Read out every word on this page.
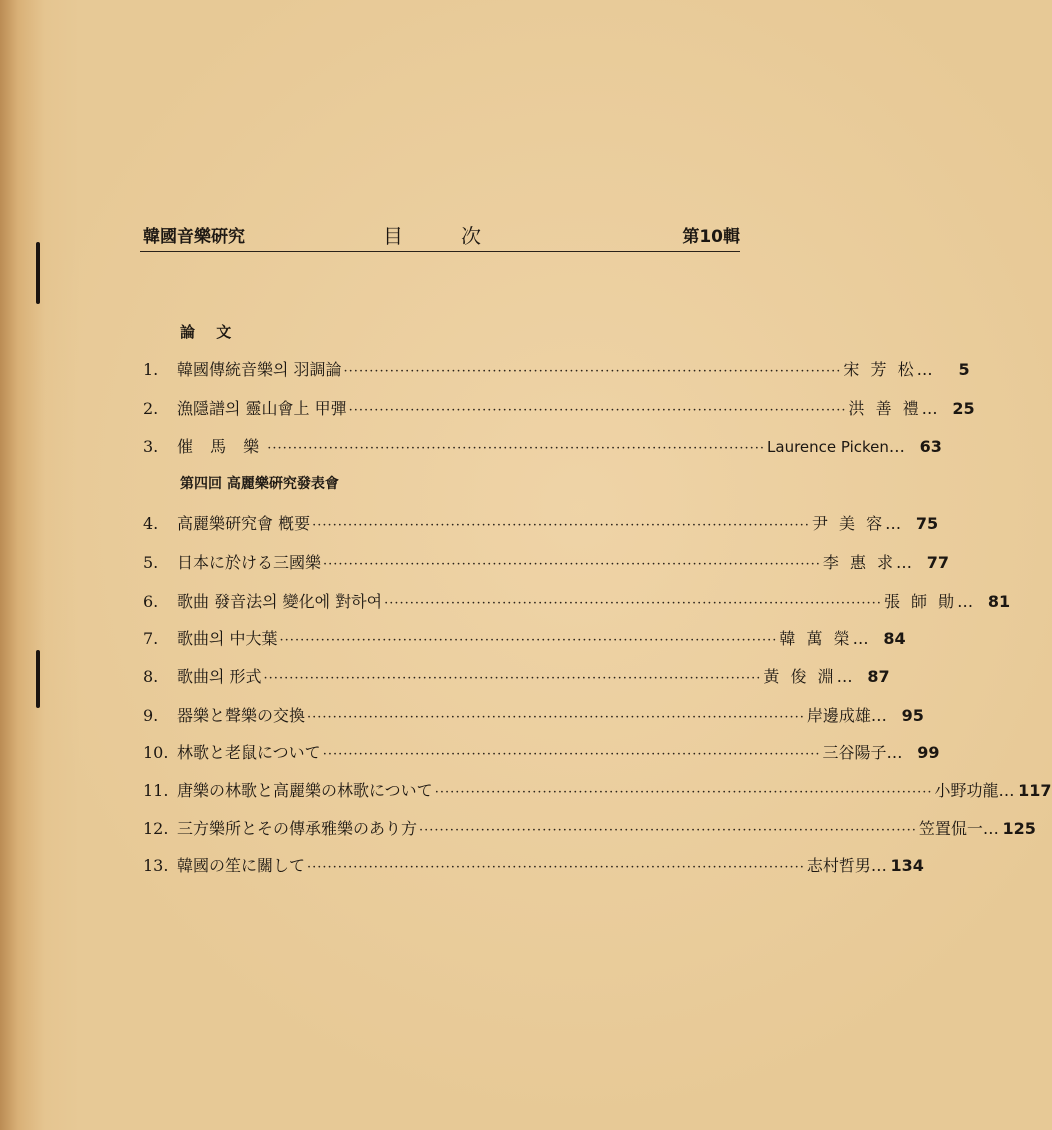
韓國音樂硏究	目	次	第10輯
論 文
第四回 高麗樂硏究發表會
1.	韓國傳統音樂의 羽調論 ································································································· 宋 芳 松 …	5
2.	漁隱譜의 靈山會上 甲彈 ································································································· 洪 善 禮 … 25
3.	催 馬 樂 ································································································· Laurence Picken … 63
4.	高麗樂硏究會 槪要 ································································································· 尹 美 容 … 75
5.	日本に於ける三國樂 ································································································· 李 惠 求 … 77
6.	歌曲 發音法의 變化에 對하여 ································································································· 張 師 勛 … 81
7.	歌曲의 中大葉 ································································································· 韓 萬 榮 … 84
8.	歌曲의 形式 ································································································· 黃 俊 淵 … 87
9.	器樂と聲樂の交換 ································································································· 岸邊成雄 … 95
10. 林歌と老鼠について ································································································· 三谷陽子 … 99
11. 唐樂の林歌と高麗樂の林歌について ································································································· 小野功龍 … 117
12. 三方樂所とその傳承雅樂のあり方 ································································································· 笠置侃一 … 125
13. 韓國の笙に關して ································································································· 志村哲男 … 134
